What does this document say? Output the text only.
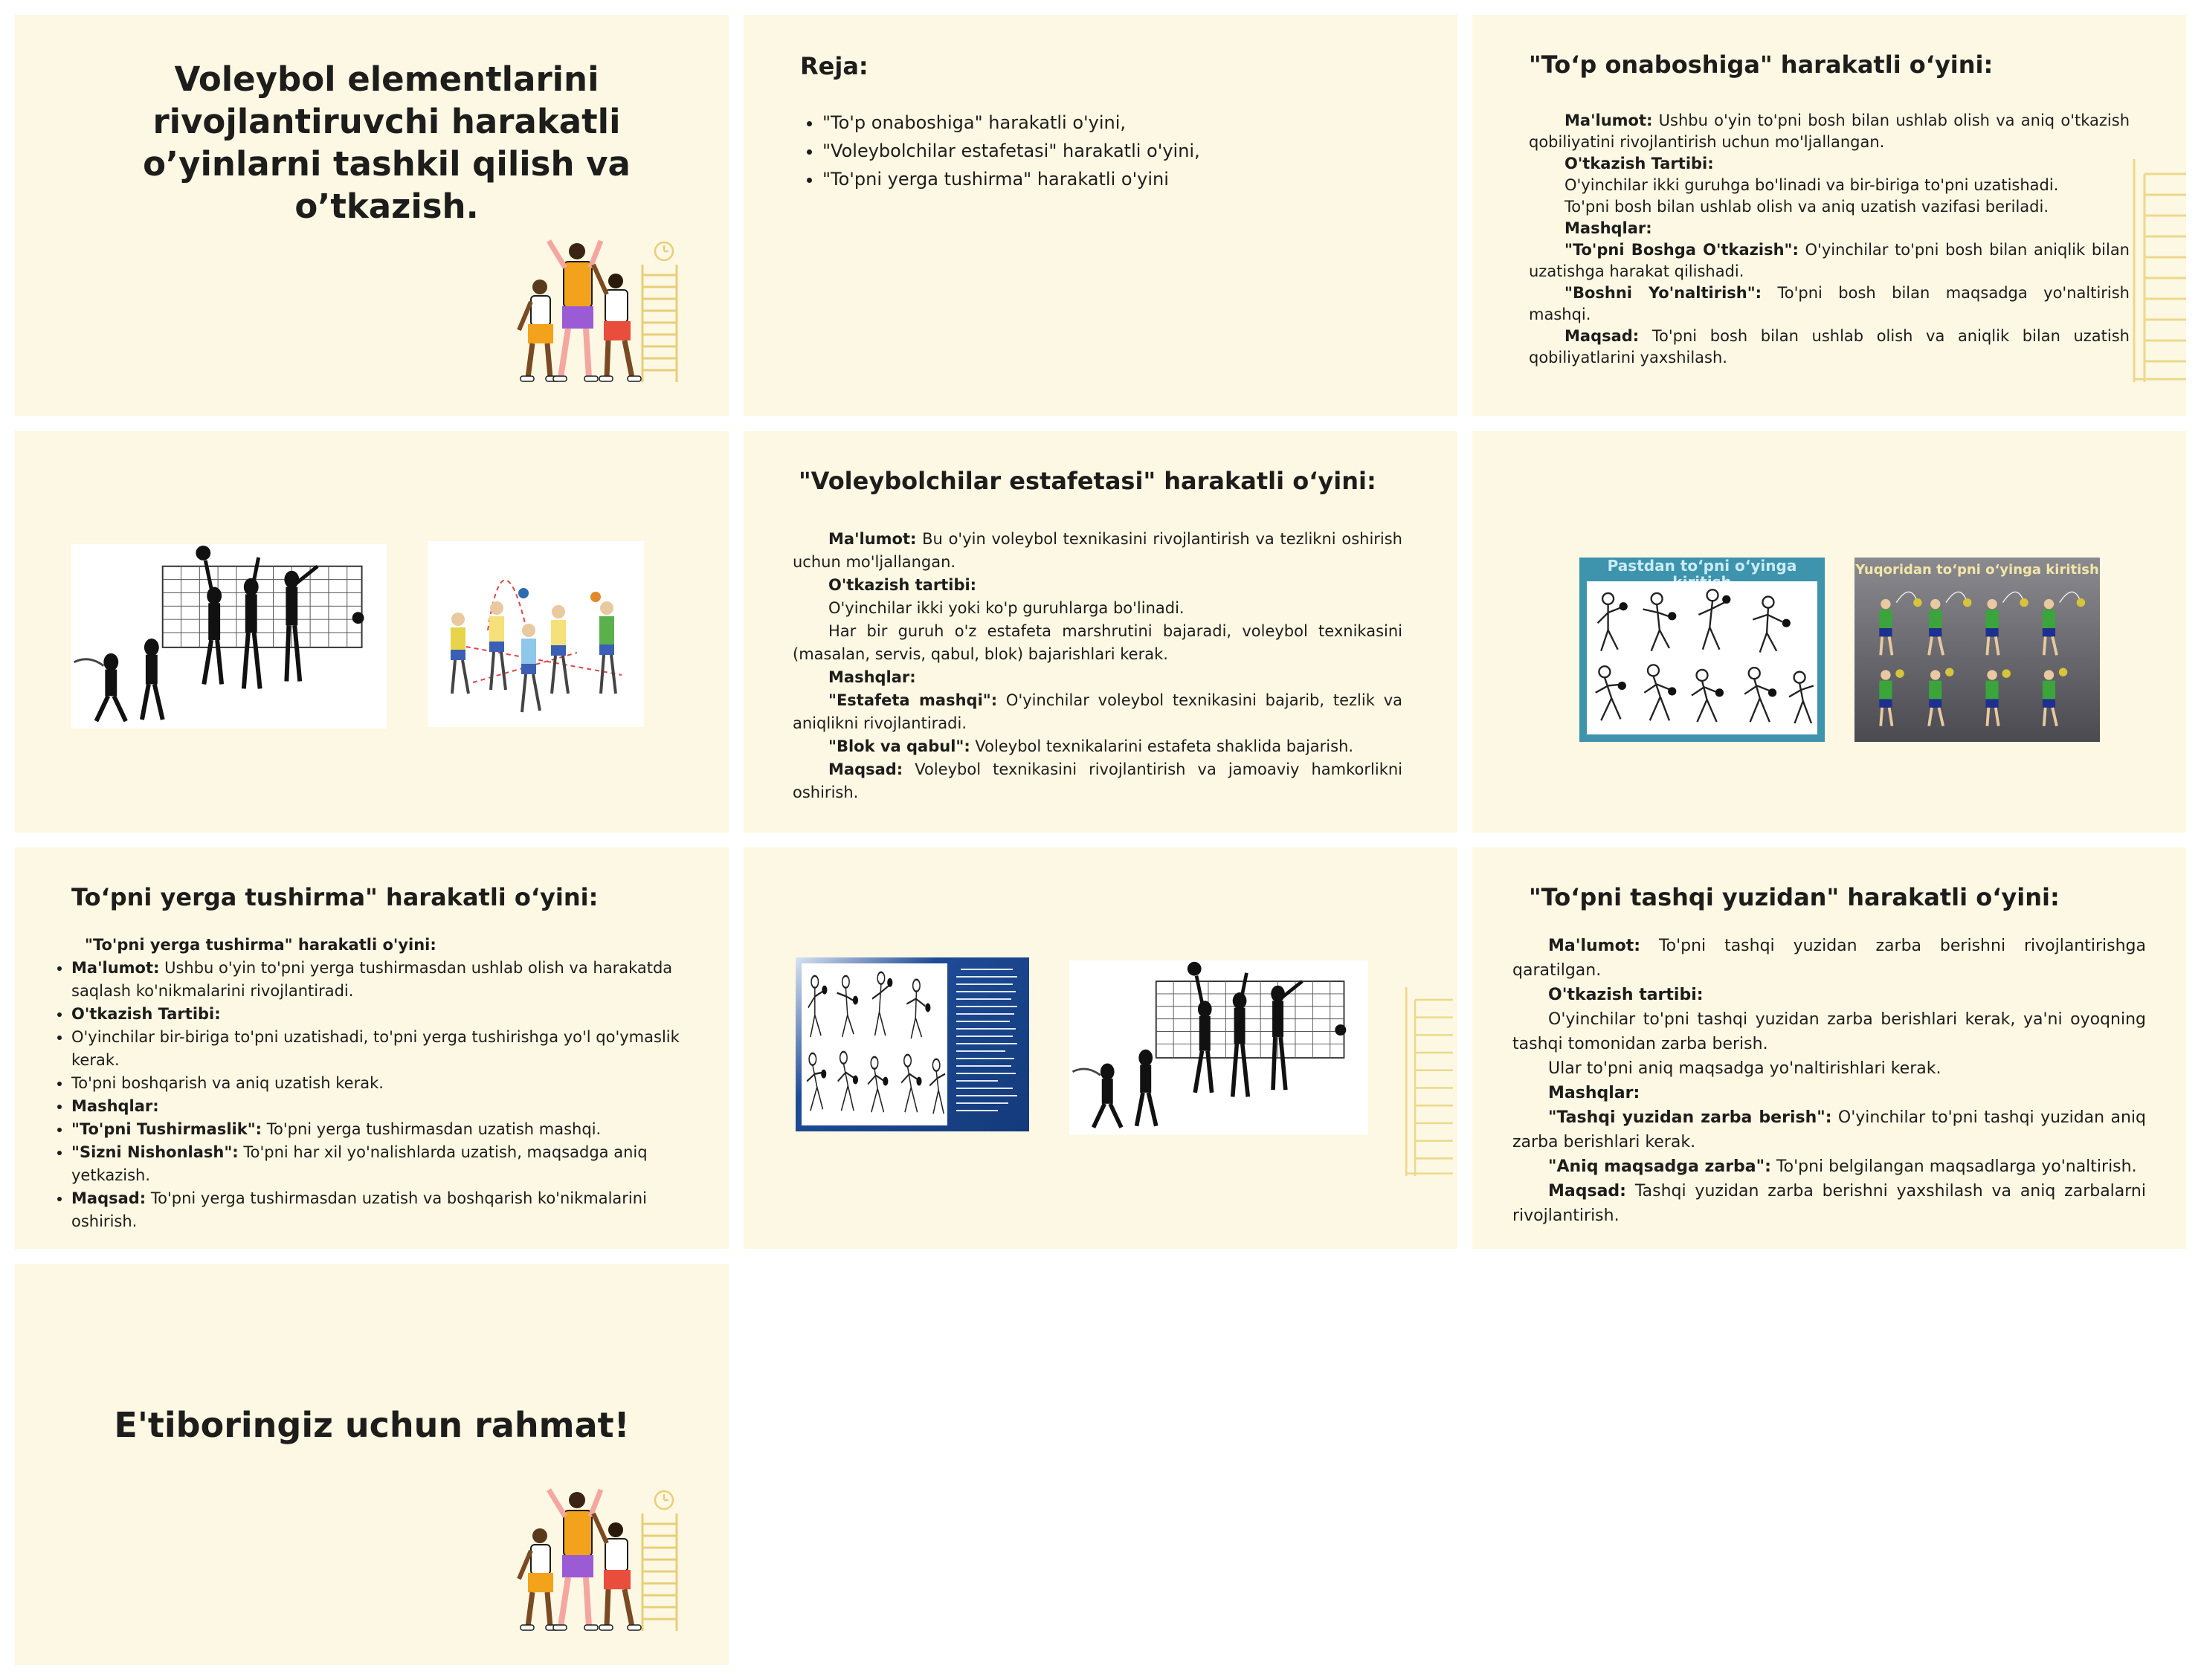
Voleybol elementlarini rivojlantiruvchi harakatli o’yinlarni tashkil qilish va o’tkazish.
Reja:
• "To'p onaboshiga" harakatli o'yini,
• "Voleybolchilar estafetasi" harakatli o'yini,
• "To'pni yerga tushirma" harakatli o'yini
"To‘p onaboshiga" harakatli o‘yini:

Ma'lumot: Ushbu o'yin to'pni bosh bilan ushlab olish va aniq o'tkazish qobiliyatini rivojlantirish uchun mo'ljallangan.

O'tkazish Tartibi:

O'yinchilar ikki guruhga bo'linadi va bir-biriga to'pni uzatishadi.

To'pni bosh bilan ushlab olish va aniq uzatish vazifasi beriladi.

Mashqlar:

"To'pni Boshga O'tkazish": O'yinchilar to'pni bosh bilan aniqlik bilan uzatishga harakat qilishadi.

"Boshni Yo'naltirish": To'pni bosh bilan maqsadga yo'naltirish mashqi.

Maqsad: To'pni bosh bilan ushlab olish va aniqlik bilan uzatish qobiliyatlarini yaxshilash.

"Voleybolchilar estafetasi" harakatli o‘yini:

Ma'lumot: Bu o'yin voleybol texnikasini rivojlantirish va tezlikni oshirish uchun mo'ljallangan.

O'tkazish tartibi:

O'yinchilar ikki yoki ko'p guruhlarga bo'linadi.

Har bir guruh o'z estafeta marshrutini bajaradi, voleybol texnikasini (masalan, servis, qabul, blok) bajarishlari kerak.

Mashqlar:

"Estafeta mashqi": O'yinchilar voleybol texnikasini bajarib, tezlik va aniqlikni rivojlantiradi.

"Blok va qabul": Voleybol texnikalarini estafeta shaklida bajarish.

Maqsad: Voleybol texnikasini rivojlantirish va jamoaviy hamkorlikni oshirish.

Pastdan to‘pni o‘yinga	Yuqoridan to‘pni o‘yinga kiritish
To‘pni yerga tushirma" harakatli o‘yini:

"To'pni yerga tushirma" harakatli o'yini:

• Ma'lumot: Ushbu o'yin to'pni yerga tushirmasdan ushlab olish va harakatda saqlash ko'nikmalarini rivojlantiradi.
• O'tkazish Tartibi:
• O'yinchilar bir-biriga to'pni uzatishadi, to'pni yerga tushirishga yo'l qo'ymaslik kerak.
• To'pni boshqarish va aniq uzatish kerak.
• Mashqlar:
• "To'pni Tushirmaslik": To'pni yerga tushirmasdan uzatish mashqi.
• "Sizni Nishonlash": To'pni har xil yo'nalishlarda uzatish, maqsadga aniq yetkazish.
• Maqsad: To'pni yerga tushirmasdan uzatish va boshqarish ko'nikmalarini oshirish.
"To‘pni tashqi yuzidan" harakatli o‘yini:

Ma'lumot: To'pni tashqi yuzidan zarba berishni rivojlantirishga qaratilgan.

O'tkazish tartibi:

O'yinchilar to'pni tashqi yuzidan zarba berishlari kerak, ya'ni oyoqning tashqi tomonidan zarba berish.

Ular to'pni aniq maqsadga yo'naltirishlari kerak.

Mashqlar:

"Tashqi yuzidan zarba berish": O'yinchilar to'pni tashqi yuzidan aniq zarba berishlari kerak.

"Aniq maqsadga zarba": To'pni belgilangan maqsadlarga yo'naltirish.

Maqsad: Tashqi yuzidan zarba berishni yaxshilash va aniq zarbalarni rivojlantirish.

E'tiboringiz uchun rahmat!
